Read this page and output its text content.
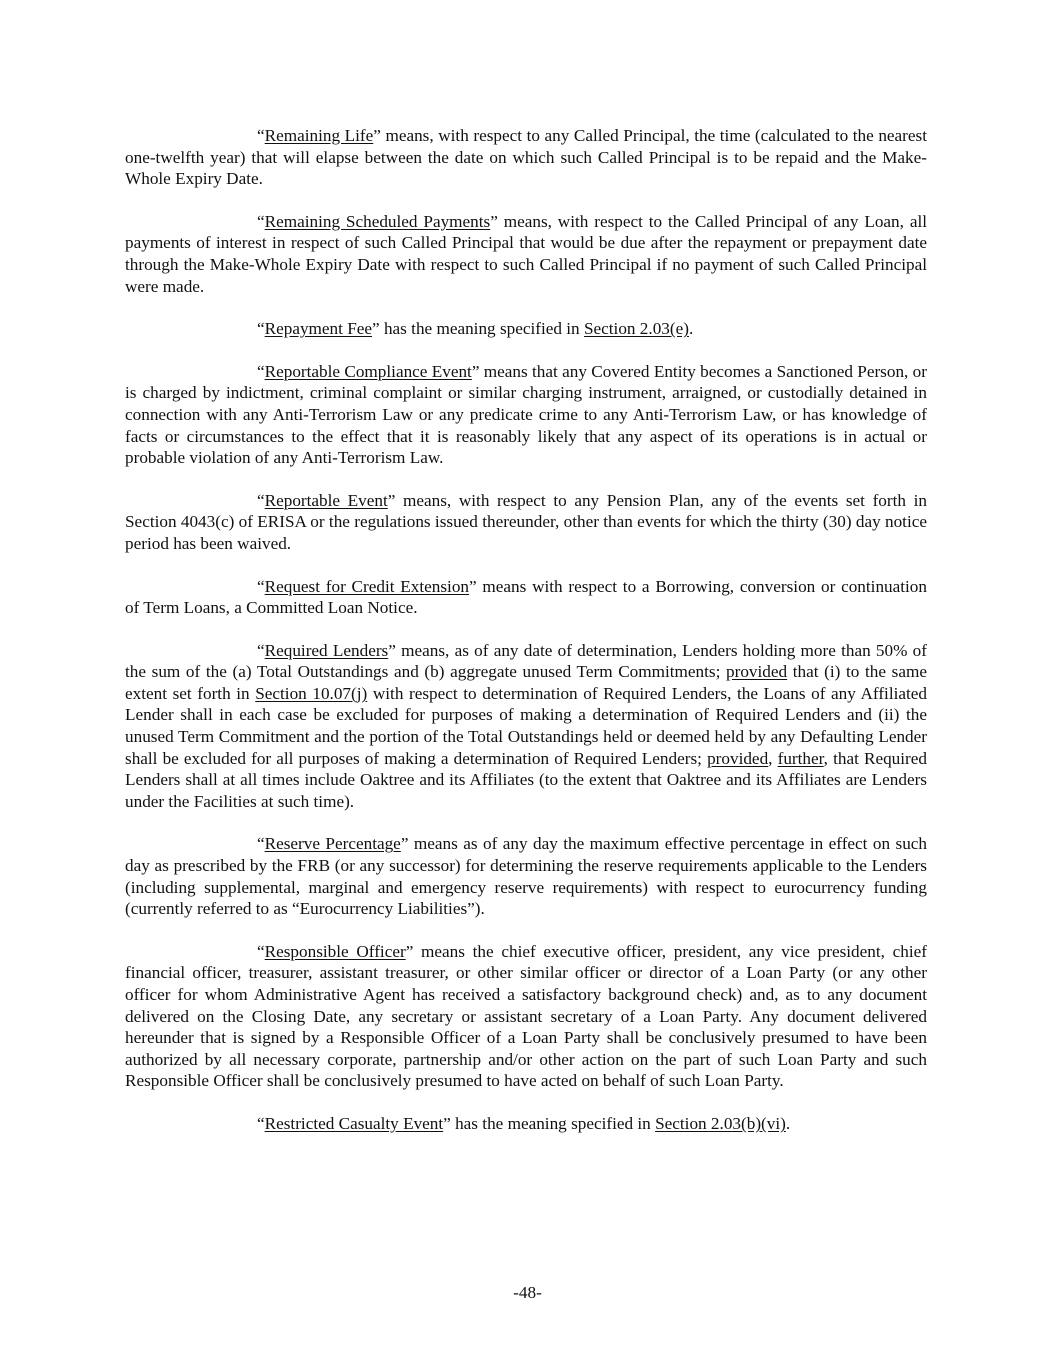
“Remaining Life” means, with respect to any Called Principal, the time (calculated to the nearest one-twelfth year) that will elapse between the date on which such Called Principal is to be repaid and the Make-Whole Expiry Date.
“Remaining Scheduled Payments” means, with respect to the Called Principal of any Loan, all payments of interest in respect of such Called Principal that would be due after the repayment or prepayment date through the Make-Whole Expiry Date with respect to such Called Principal if no payment of such Called Principal were made.
“Repayment Fee” has the meaning specified in Section 2.03(e).
“Reportable Compliance Event” means that any Covered Entity becomes a Sanctioned Person, or is charged by indictment, criminal complaint or similar charging instrument, arraigned, or custodially detained in connection with any Anti-Terrorism Law or any predicate crime to any Anti-Terrorism Law, or has knowledge of facts or circumstances to the effect that it is reasonably likely that any aspect of its operations is in actual or probable violation of any Anti-Terrorism Law.
“Reportable Event” means, with respect to any Pension Plan, any of the events set forth in Section 4043(c) of ERISA or the regulations issued thereunder, other than events for which the thirty (30) day notice period has been waived.
“Request for Credit Extension” means with respect to a Borrowing, conversion or continuation of Term Loans, a Committed Loan Notice.
“Required Lenders” means, as of any date of determination, Lenders holding more than 50% of the sum of the (a) Total Outstandings and (b) aggregate unused Term Commitments; provided that (i) to the same extent set forth in Section 10.07(j) with respect to determination of Required Lenders, the Loans of any Affiliated Lender shall in each case be excluded for purposes of making a determination of Required Lenders and (ii) the unused Term Commitment and the portion of the Total Outstandings held or deemed held by any Defaulting Lender shall be excluded for all purposes of making a determination of Required Lenders; provided, further, that Required Lenders shall at all times include Oaktree and its Affiliates (to the extent that Oaktree and its Affiliates are Lenders under the Facilities at such time).
“Reserve Percentage” means as of any day the maximum effective percentage in effect on such day as prescribed by the FRB (or any successor) for determining the reserve requirements applicable to the Lenders (including supplemental, marginal and emergency reserve requirements) with respect to eurocurrency funding (currently referred to as “Eurocurrency Liabilities”).
“Responsible Officer” means the chief executive officer, president, any vice president, chief financial officer, treasurer, assistant treasurer, or other similar officer or director of a Loan Party (or any other officer for whom Administrative Agent has received a satisfactory background check) and, as to any document delivered on the Closing Date, any secretary or assistant secretary of a Loan Party. Any document delivered hereunder that is signed by a Responsible Officer of a Loan Party shall be conclusively presumed to have been authorized by all necessary corporate, partnership and/or other action on the part of such Loan Party and such Responsible Officer shall be conclusively presumed to have acted on behalf of such Loan Party.
“Restricted Casualty Event” has the meaning specified in Section 2.03(b)(vi).
-48-
